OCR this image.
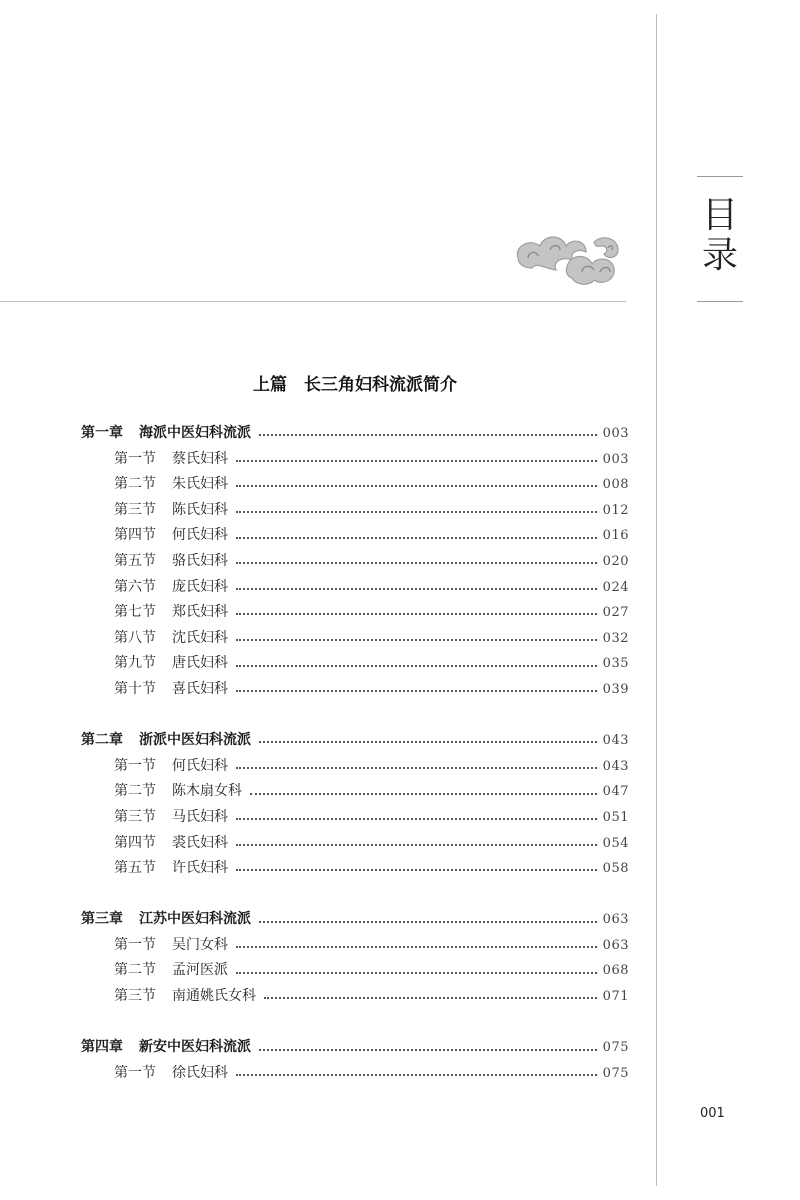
目
录
上篇　长三角妇科流派简介
第一章 海派中医妇科流派	003
第一节 蔡氏妇科	003
第二节 朱氏妇科	008
第三节 陈氏妇科	012
第四节 何氏妇科	016
第五节 骆氏妇科	020
第六节 庞氏妇科	024
第七节 郑氏妇科	027
第八节 沈氏妇科	032
第九节 唐氏妇科	035
第十节 喜氏妇科	039
第二章 浙派中医妇科流派	043
第一节 何氏妇科	043
第二节 陈木扇女科	047
第三节 马氏妇科	051
第四节 裘氏妇科	054
第五节 许氏妇科	058
第三章 江苏中医妇科流派	063
第一节 吴门女科	063
第二节 孟河医派	068
第三节 南通姚氏女科	071
第四章 新安中医妇科流派	075
第一节 徐氏妇科	075
001
